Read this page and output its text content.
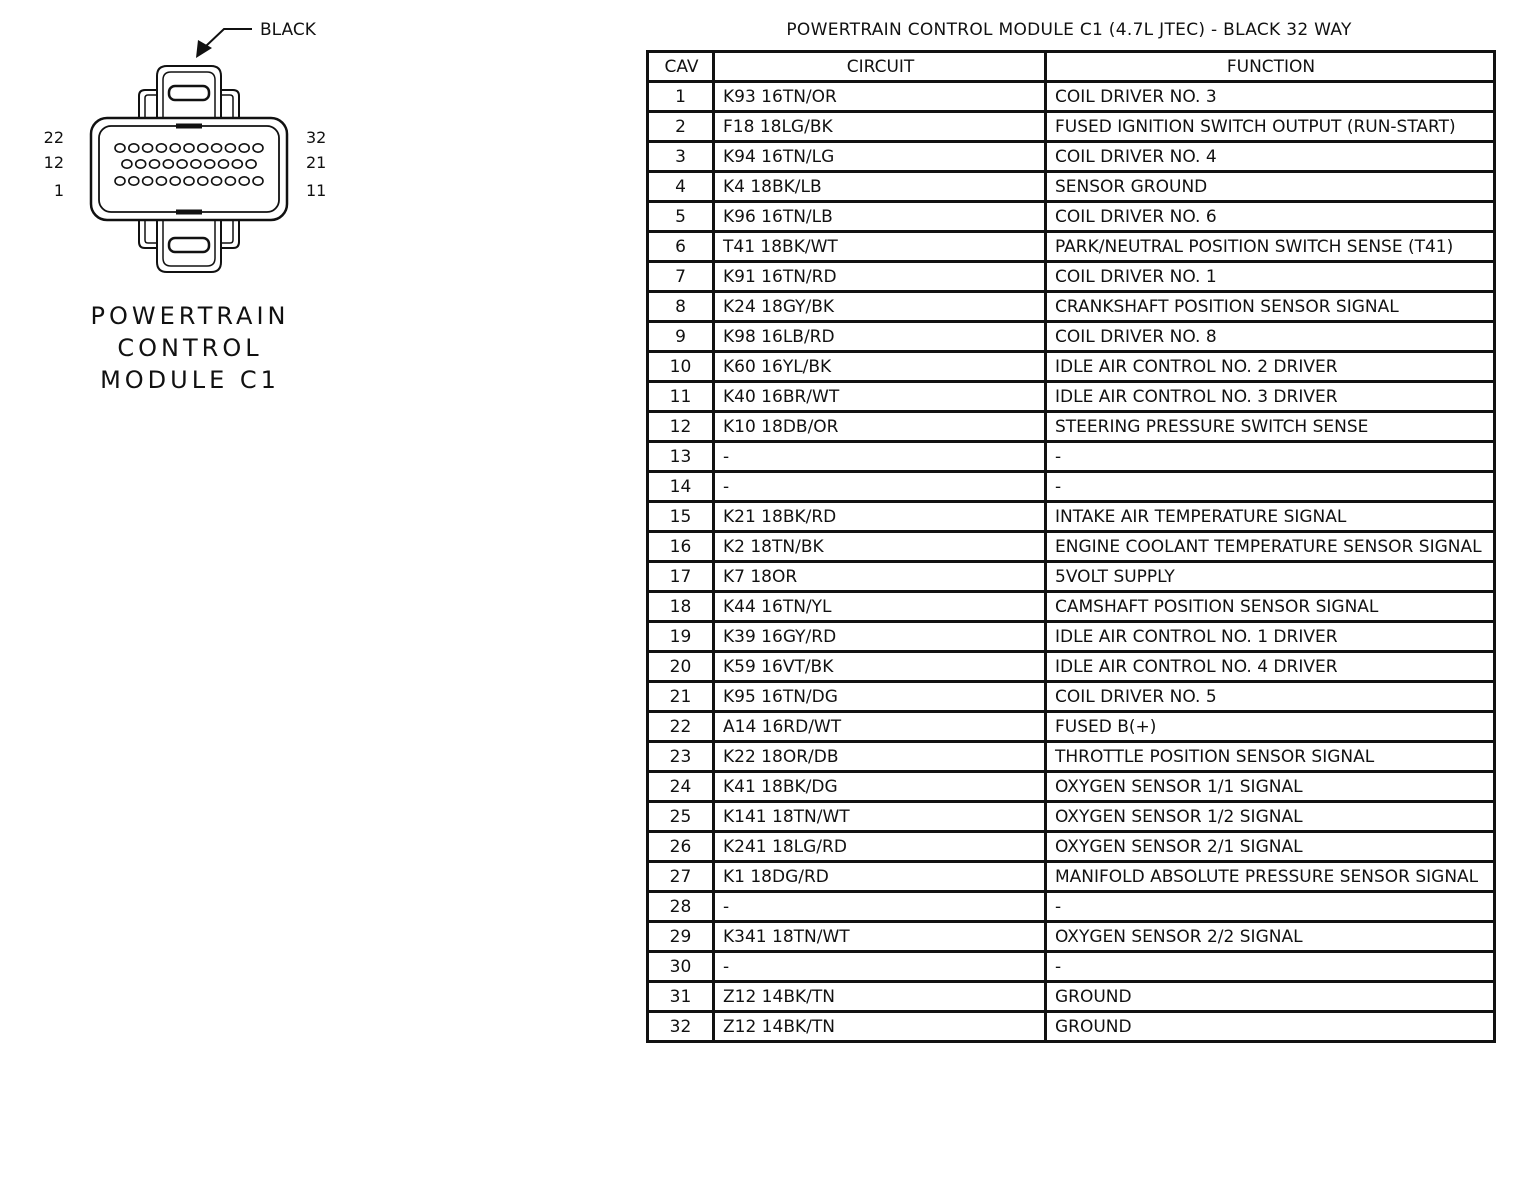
BLACK
22
12
1
32
21
11
POWERTRAIN
CONTROL
MODULE C1
POWERTRAIN CONTROL MODULE C1 (4.7L JTEC) - BLACK 32 WAY
CAV	CIRCUIT	FUNCTION
1	K93 16TN/OR	COIL DRIVER NO. 3
2	F18 18LG/BK	FUSED IGNITION SWITCH OUTPUT (RUN-START)
3	K94 16TN/LG	COIL DRIVER NO. 4
4	K4 18BK/LB	SENSOR GROUND
5	K96 16TN/LB	COIL DRIVER NO. 6
6	T41 18BK/WT	PARK/NEUTRAL POSITION SWITCH SENSE (T41)
7	K91 16TN/RD	COIL DRIVER NO. 1
8	K24 18GY/BK	CRANKSHAFT POSITION SENSOR SIGNAL
9	K98 16LB/RD	COIL DRIVER NO. 8
10	K60 16YL/BK	IDLE AIR CONTROL NO. 2 DRIVER
11	K40 16BR/WT	IDLE AIR CONTROL NO. 3 DRIVER
12	K10 18DB/OR	STEERING PRESSURE SWITCH SENSE
13	-	-
14	-	-
15	K21 18BK/RD	INTAKE AIR TEMPERATURE SIGNAL
16	K2 18TN/BK	ENGINE COOLANT TEMPERATURE SENSOR SIGNAL
17	K7 18OR	5VOLT SUPPLY
18	K44 16TN/YL	CAMSHAFT POSITION SENSOR SIGNAL
19	K39 16GY/RD	IDLE AIR CONTROL NO. 1 DRIVER
20	K59 16VT/BK	IDLE AIR CONTROL NO. 4 DRIVER
21	K95 16TN/DG	COIL DRIVER NO. 5
22	A14 16RD/WT	FUSED B(+)
23	K22 18OR/DB	THROTTLE POSITION SENSOR SIGNAL
24	K41 18BK/DG	OXYGEN SENSOR 1/1 SIGNAL
25	K141 18TN/WT	OXYGEN SENSOR 1/2 SIGNAL
26	K241 18LG/RD	OXYGEN SENSOR 2/1 SIGNAL
27	K1 18DG/RD	MANIFOLD ABSOLUTE PRESSURE SENSOR SIGNAL
28	-	-
29	K341 18TN/WT	OXYGEN SENSOR 2/2 SIGNAL
30	-	-
31	Z12 14BK/TN	GROUND
32	Z12 14BK/TN	GROUND
